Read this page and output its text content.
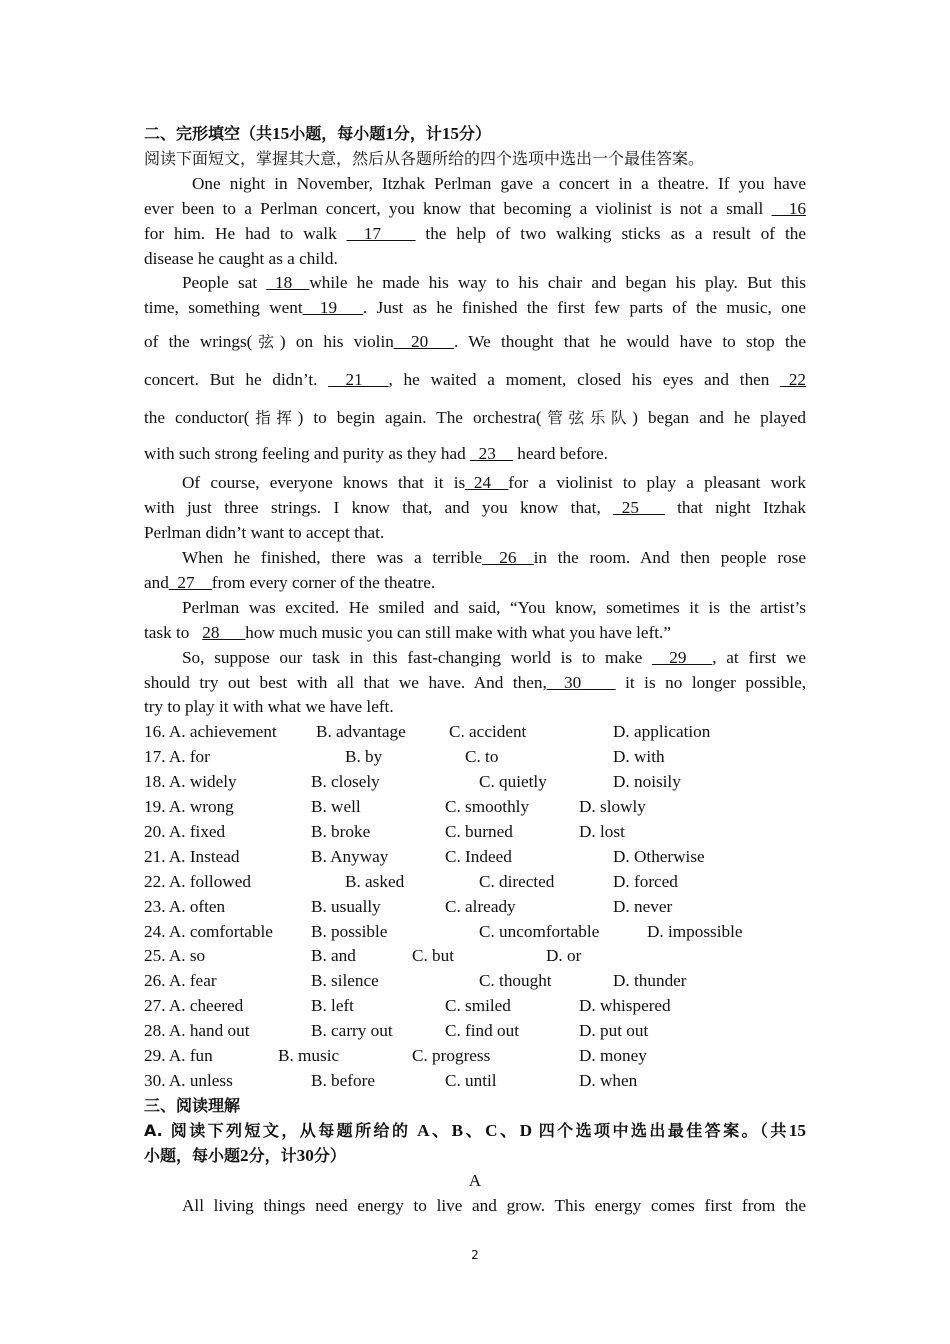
二、完形填空（共15小题，每小题1分，计15分）
阅读下面短文，掌握其大意，然后从各题所给的四个选项中选出一个最佳答案。
One night in November, Itzhak Perlman gave a concert in a theatre. If you have
ever been to a Perlman concert, you know that becoming a violinist is not a small __16
for him. He had to walk __17____ the help of two walking sticks as a result of the
disease he caught as a child.
People sat _18__while he made his way to his chair and began his play. But this
time, something went__19___. Just as he finished the first few parts of the music, one
of the wrings(弦) on his violin__20___. We thought that he would have to stop the
concert. But he didn’t. __21___, he waited a moment, closed his eyes and then _22
the conductor(指挥) to begin again. The orchestra(管弦乐队) began and he played
with such strong feeling and purity as they had _23__ heard before.
Of course, everyone knows that it is_24__for a violinist to play a pleasant work
with just three strings. I know that, and you know that, _25___ that night Itzhak
Perlman didn’t want to accept that.
When he finished, there was a terrible__26__in the room. And then people rose
and_27__from every corner of the theatre.
Perlman was excited. He smiled and said, “You know, sometimes it is the artist’s
task to 28___how much music you can still make with what you have left.”
So, suppose our task in this fast-changing world is to make __29___, at first we
should try out best with all that we have. And then,__30____ it is no longer possible,
try to play it with what we have left.
16. A. achievement	B. advantage	C. accident	D. application
17. A. for	B. by	C. to	D. with
18. A. widely	B. closely	C. quietly	D. noisily
19. A. wrong	B. well	C. smoothly	D. slowly
20. A. fixed	B. broke	C. burned	D. lost
21. A. Instead	B. Anyway	C. Indeed	D. Otherwise
22. A. followed	B. asked	C. directed	D. forced
23. A. often	B. usually	C. already	D. never
24. A. comfortable	B. possible	C. uncomfortable	D. impossible
25. A. so	B. and	C. but	D. or
26. A. fear	B. silence	C. thought	D. thunder
27. A. cheered	B. left	C. smiled	D. whispered
28. A. hand out	B. carry out	C. find out	D. put out
29. A. fun	B. music	C. progress	D. money
30. A. unless	B. before	C. until	D. when
三、阅读理解
A. 阅读下列短文，从每题所给的 A、B、C、D 四个选项中选出最佳答案。（共15
小题，每小题2分，计30分）
A
All living things need energy to live and grow. This energy comes first from the
2
